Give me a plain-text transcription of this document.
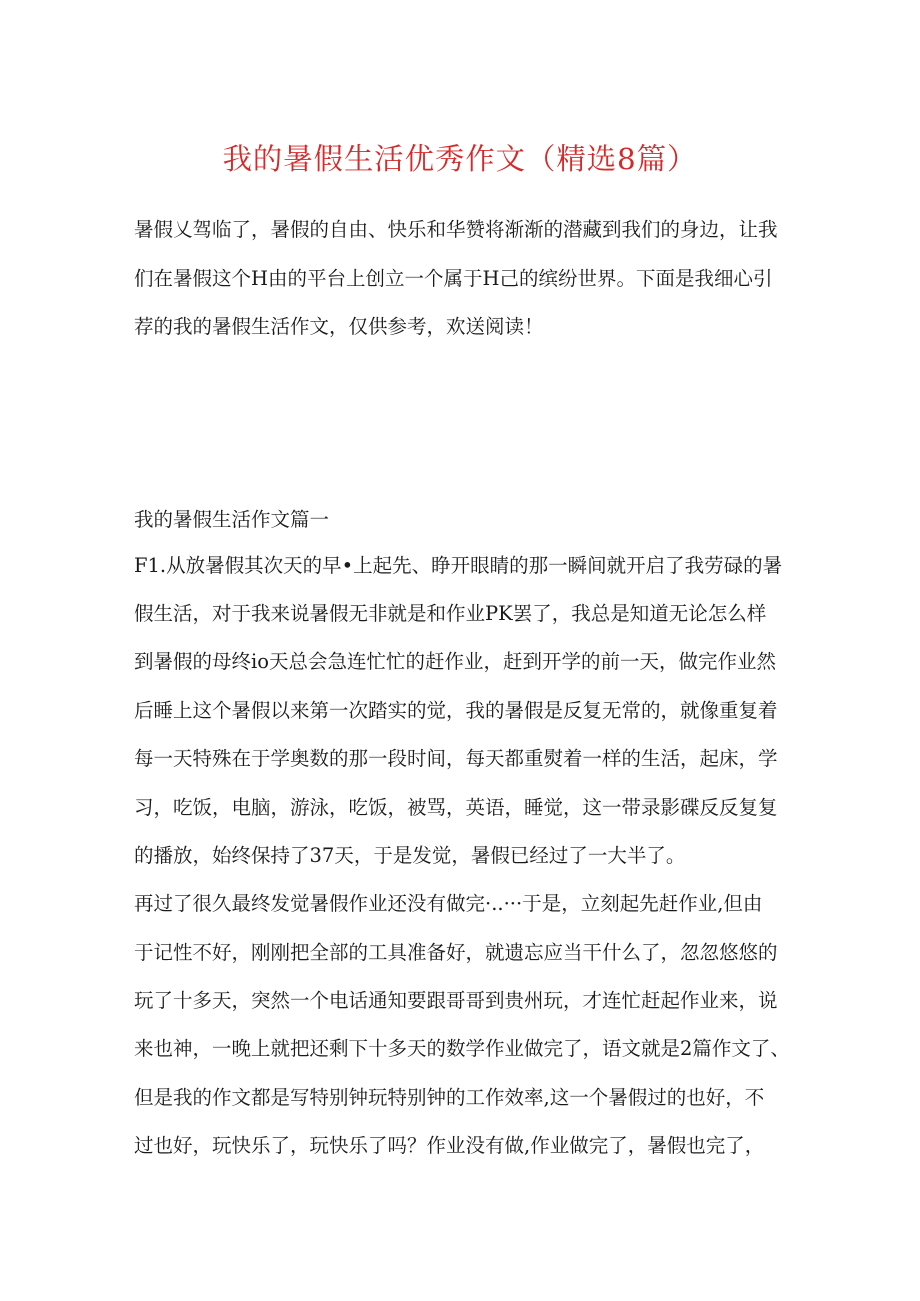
我的暑假生活优秀作文（精选8篇）
暑假乂驾临了，暑假的自由、快乐和华赞将渐渐的潜藏到我们的身边，让我
们在暑假这个H由的平台上创立一个属于H己的缤纷世界。下面是我细心引
荐的我的暑假生活作文，仅供参考，欢送阅读！
我的暑假生活作文篇一
F1.从放暑假其次天的早•上起先、睁开眼睛的那一瞬间就开启了我劳碌的暑
假生活，对于我来说暑假无非就是和作业PK罢了，我总是知道无论怎么样
到暑假的母终io天总会急连忙忙的赶作业，赶到开学的前一天，做完作业然
后睡上这个暑假以来第一次踏实的觉，我的暑假是反复无常的，就像重复着
每一天特殊在于学奥数的那一段时间，每天都重熨着一样的生活，起床，学
习，吃饭，电脑，游泳，吃饭，被骂，英语，睡觉，这一带录影碟反反复复
的播放，始终保持了37天，于是发觉，暑假已经过了一大半了。
再过了很久最终发觉暑假作业还没有做完·..···于是，立刻起先赶作业,但由
于记性不好，刚刚把全部的工具准备好，就遗忘应当干什么了，忽忽悠悠的
玩了十多天，突然一个电话通知要跟哥哥到贵州玩，才连忙赶起作业来，说
来也神，一晚上就把还剩下十多天的数学作业做完了，语文就是2篇作文了、
但是我的作文都是写特别钟玩特别钟的工作效率,这一个暑假过的也好，不
过也好，玩快乐了，玩快乐了吗？作业没有做,作业做完了，暑假也完了，
